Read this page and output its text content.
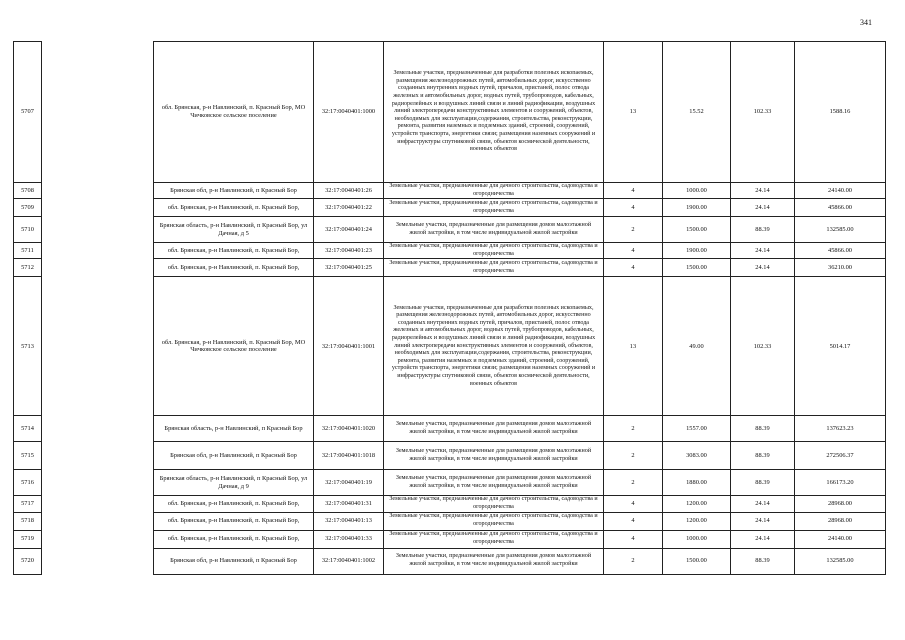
341
5707		обл. Брянская, р-н Навлинский, п. Красный Бор, МО Чичковское сельское поселение	32:17:0040401:1000	Земельные участки, предназначенные для разработки полезных ископаемых, размещения железнодорожных путей, автомобильных дорог, искусственно созданных внутренних водных путей, причалов, пристаней, полос отвода железных и автомобильных дорог, водных путей, трубопроводов, кабельных, радиорелейных и воздушных линий связи и линий радиофикации, воздушных линий электропередачи конструктивных элементов и сооружений, объектов, необходимых для эксплуатации,содержания, строительства, реконструкции, ремонта, развития наземных и подземных зданий, строений, сооружений, устройств транспорта, энергетики связи; размещения наземных сооружений и инфраструктуры спутниковой связи, объектов космической деятельности, военных объектов	13	15.52	102.33	1588.16
5708		Брянская обл, р-н Навлинский, п Красный Бор	32:17:0040401:26	Земельные участки, предназначенные для дачного строительства, садоводства и огородничества	4	1000.00	24.14	24140.00
5709		обл. Брянская, р-н Навлинский, п. Красный Бор,	32:17:0040401:22	Земельные участки, предназначенные для дачного строительства, садоводства и огородничества	4	1900.00	24.14	45866.00
5710		Брянская область, р-н Навлинский, п Красный Бор, ул Дачная, д 5	32:17:0040401:24	Земельные участки, предназначенные для размещения домов малоэтажной жилой застройки, в том числе индивидуальной жилой застройки	2	1500.00	88.39	132585.00
5711		обл. Брянская, р-н Навлинский, п. Красный Бор,	32:17:0040401:23	Земельные участки, предназначенные для дачного строительства, садоводства и огородничества	4	1900.00	24.14	45866.00
5712		обл. Брянская, р-н Навлинский, п. Красный Бор,	32:17:0040401:25	Земельные участки, предназначенные для дачного строительства, садоводства и огородничества	4	1500.00	24.14	36210.00
5713		обл. Брянская, р-н Навлинский, п. Красный Бор, МО Чичковское сельское поселение	32:17:0040401:1001	Земельные участки, предназначенные для разработки полезных ископаемых, размещения железнодорожных путей, автомобильных дорог, искусственно созданных внутренних водных путей, причалов, пристаней, полос отвода железных и автомобильных дорог, водных путей, трубопроводов, кабельных, радиорелейных и воздушных линий связи и линий радиофикации, воздушных линий электропередачи конструктивных элементов и сооружений, объектов, необходимых для эксплуатации,содержания, строительства, реконструкции, ремонта, развития наземных и подземных зданий, строений, сооружений, устройств транспорта, энергетики связи; размещения наземных сооружений и инфраструктуры спутниковой связи, объектов космической деятельности, военных объектов	13	49.00	102.33	5014.17
5714		Брянская область, р-н Навлинский, п Красный Бор	32:17:0040401:1020	Земельные участки, предназначенные для размещения домов малоэтажной жилой застройки, в том числе индивидуальной жилой застройки	2	1557.00	88.39	137623.23
5715		Брянская обл, р-н Навлинский, п Красный Бор	32:17:0040401:1018	Земельные участки, предназначенные для размещения домов малоэтажной жилой застройки, в том числе индивидуальной жилой застройки	2	3083.00	88.39	272506.37
5716		Брянская область, р-н Навлинский, п Красный Бор, ул Дачная, д 9	32:17:0040401:19	Земельные участки, предназначенные для размещения домов малоэтажной жилой застройки, в том числе индивидуальной жилой застройки	2	1880.00	88.39	166173.20
5717		обл. Брянская, р-н Навлинский, п. Красный Бор,	32:17:0040401:31	Земельные участки, предназначенные для дачного строительства, садоводства и огородничества	4	1200.00	24.14	28968.00
5718		обл. Брянская, р-н Навлинский, п. Красный Бор,	32:17:0040401:13	Земельные участки, предназначенные для дачного строительства, садоводства и огородничества	4	1200.00	24.14	28968.00
5719		обл. Брянская, р-н Навлинский, п. Красный Бор,	32:17:0040401:33	Земельные участки, предназначенные для дачного строительства, садоводства и огородничества	4	1000.00	24.14	24140.00
5720		Брянская обл, р-н Навлинский, п Красный Бор	32:17:0040401:1002	Земельные участки, предназначенные для размещения домов малоэтажной жилой застройки, в том числе индивидуальной жилой застройки	2	1500.00	88.39	132585.00
